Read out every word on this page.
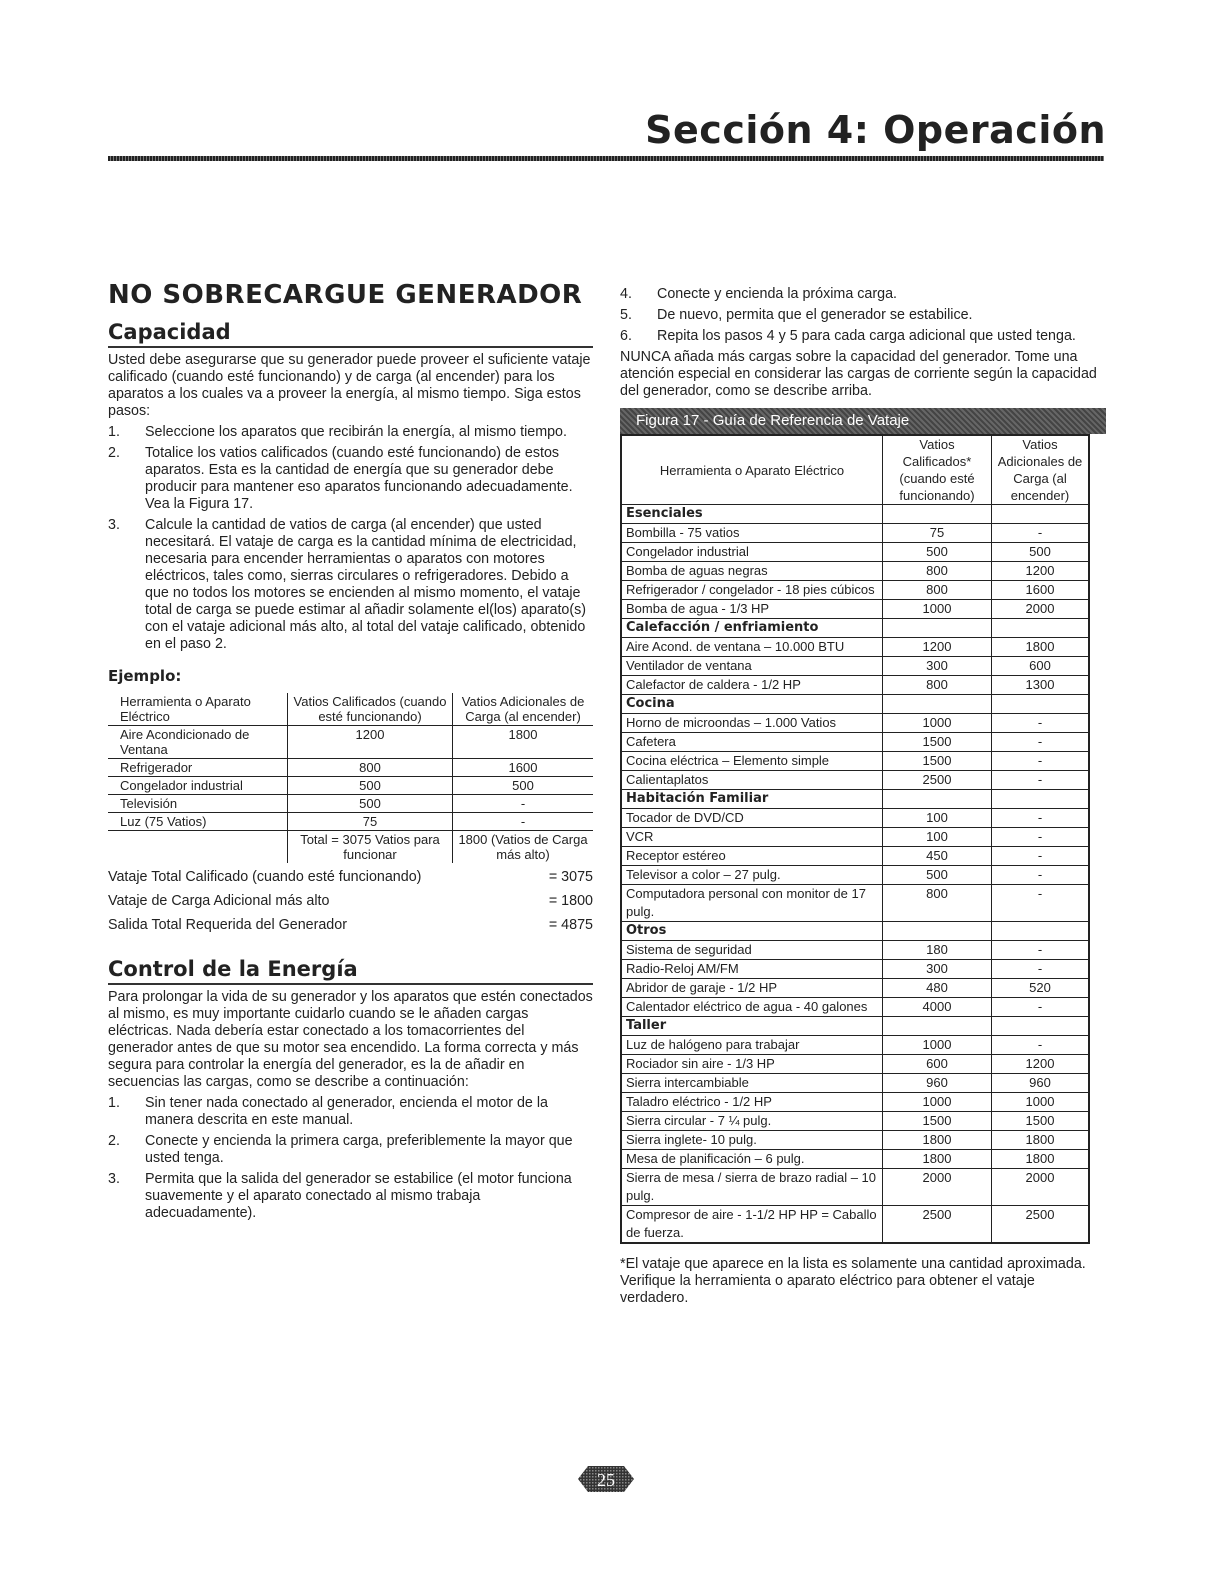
Sección 4: Operación
NO SOBRECARGUE GENERADOR
Capacidad

Usted debe asegurarse que su generador puede proveer el suficiente vataje calificado (cuando esté funcionando) y de carga (al encender) para los aparatos a los cuales va a proveer la energía, al mismo tiempo. Siga estos pasos:

1.	Seleccione los aparatos que recibirán la energía, al mismo tiempo.
2.	Totalice los vatios calificados (cuando esté funcionando) de estos aparatos. Esta es la cantidad de energía que su generador debe producir para mantener eso aparatos funcionando adecuadamente. Vea la Figura 17.
3.	Calcule la cantidad de vatios de carga (al encender) que usted necesitará. El vataje de carga es la cantidad mínima de electricidad, necesaria para encender herramientas o aparatos con motores eléctricos, tales como, sierras circulares o refrigeradores. Debido a que no todos los motores se encienden al mismo momento, el vataje total de carga se puede estimar al añadir solamente el(los) aparato(s) con el vataje adicional más alto, al total del vataje calificado, obtenido en el paso 2.
Ejemplo:
Herramienta o Aparato Eléctrico	Vatios Calificados (cuando esté funcionando)	Vatios Adicionales de Carga (al encender)
Aire Acondicionado de Ventana	1200	1800
Refrigerador	800	1600
Congelador industrial	500	500
Televisión	500	-
Luz (75 Vatios)	75	-
	Total = 3075 Vatios para funcionar	1800 (Vatios de Carga más alto)
Vataje Total Calificado (cuando esté funcionando)	= 3075
Vataje de Carga Adicional más alto	= 1800
Salida Total Requerida del Generador	= 4875
Control de la Energía

Para prolongar la vida de su generador y los aparatos que estén conectados al mismo, es muy importante cuidarlo cuando se le añaden cargas eléctricas. Nada debería estar conectado a los tomacorrientes del generador antes de que su motor sea encendido. La forma correcta y más segura para controlar la energía del generador, es la de añadir en secuencias las cargas, como se describe a continuación:

1.	Sin tener nada conectado al generador, encienda el motor de la manera descrita en este manual.
2.	Conecte y encienda la primera carga, preferiblemente la mayor que usted tenga.
3.	Permita que la salida del generador se estabilice (el motor funciona suavemente y el aparato conectado al mismo trabaja adecuadamente).
4.	Conecte y encienda la próxima carga.
5.	De nuevo, permita que el generador se estabilice.
6.	Repita los pasos 4 y 5 para cada carga adicional que usted tenga.

NUNCA añada más cargas sobre la capacidad del generador. Tome una atención especial en considerar las cargas de corriente según la capacidad del generador, como se describe arriba.

Figura 17 - Guía de Referencia de Vataje
Herramienta o Aparato Eléctrico	Vatios Calificados* (cuando esté funcionando)	Vatios Adicionales de Carga (al encender)
Esenciales		
Bombilla - 75 vatios	75	-
Congelador industrial	500	500
Bomba de aguas negras	800	1200
Refrigerador / congelador - 18 pies cúbicos	800	1600
Bomba de agua - 1/3 HP	1000	2000
Calefacción / enfriamiento		
Aire Acond. de ventana – 10.000 BTU	1200	1800
Ventilador de ventana	300	600
Calefactor de caldera - 1/2 HP	800	1300
Cocina		
Horno de microondas – 1.000 Vatios	1000	-
Cafetera	1500	-
Cocina eléctrica – Elemento simple	1500	-
Calientaplatos	2500	-
Habitación Familiar		
Tocador de DVD/CD	100	-
VCR	100	-
Receptor estéreo	450	-
Televisor a color – 27 pulg.	500	-
Computadora personal con monitor de 17 pulg.	800	-
Otros		
Sistema de seguridad	180	-
Radio-Reloj AM/FM	300	-
Abridor de garaje - 1/2 HP	480	520
Calentador eléctrico de agua - 40 galones	4000	-
Taller		
Luz de halógeno para trabajar	1000	-
Rociador sin aire - 1/3 HP	600	1200
Sierra intercambiable	960	960
Taladro eléctrico - 1/2 HP	1000	1000
Sierra circular - 7 ¼ pulg.	1500	1500
Sierra inglete- 10 pulg.	1800	1800
Mesa de planificación – 6 pulg.	1800	1800
Sierra de mesa / sierra de brazo radial – 10 pulg.	2000	2000
Compresor de aire - 1-1/2 HP HP = Caballo de fuerza.	2500	2500
*El vataje que aparece en la lista es solamente una cantidad aproximada. Verifique la herramienta o aparato eléctrico para obtener el vataje verdadero.
25
